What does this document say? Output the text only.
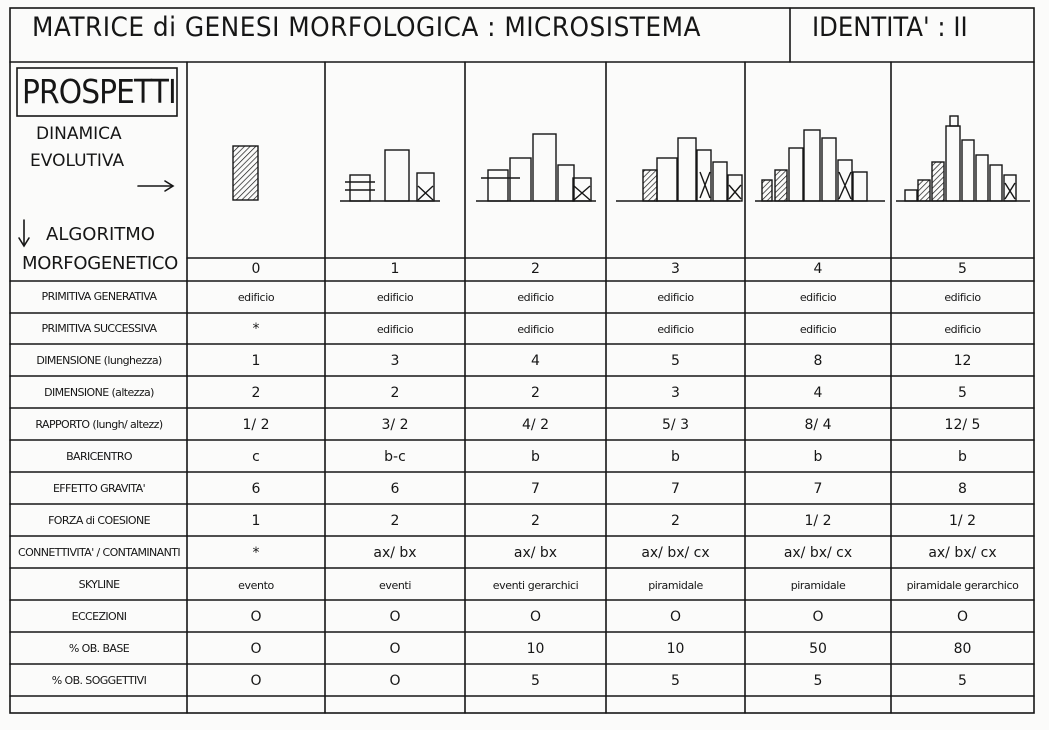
MATRICE di GENESI MORFOLOGICA : MICROSISTEMA	IDENTITA' : II
PROSPETTI
DINAMICA
EVOLUTIVA
ALGORITMO
MORFOGENETICO	0	1	2	3	4	5
PRIMITIVA GENERATIVA	edificio	edificio	edificio	edificio	edificio	edificio
PRIMITIVA SUCCESSIVA	*	edificio	edificio	edificio	edificio	edificio
DIMENSIONE (lunghezza)	1	3	4	5	8	12
DIMENSIONE (altezza)	2	2	2	3	4	5
RAPPORTO (lungh/ altezz)	1/ 2	3/ 2	4/ 2	5/ 3	8/ 4	12/ 5
BARICENTRO	c	b-c	b	b	b	b
EFFETTO GRAVITA'	6	6	7	7	7	8
FORZA di COESIONE	1	2	2	2	1/ 2	1/ 2
CONNETTIVITA' / CONTAMINANTI	*	ax/ bx	ax/ bx	ax/ bx/ cx	ax/ bx/ cx	ax/ bx/ cx
SKYLINE	evento	eventi	eventi gerarchici	piramidale	piramidale	piramidale gerarchico
ECCEZIONI	O	O	O	O	O	O
% OB. BASE	O	O	10	10	50	80
% OB. SOGGETTIVI	O	O	5	5	5	5
